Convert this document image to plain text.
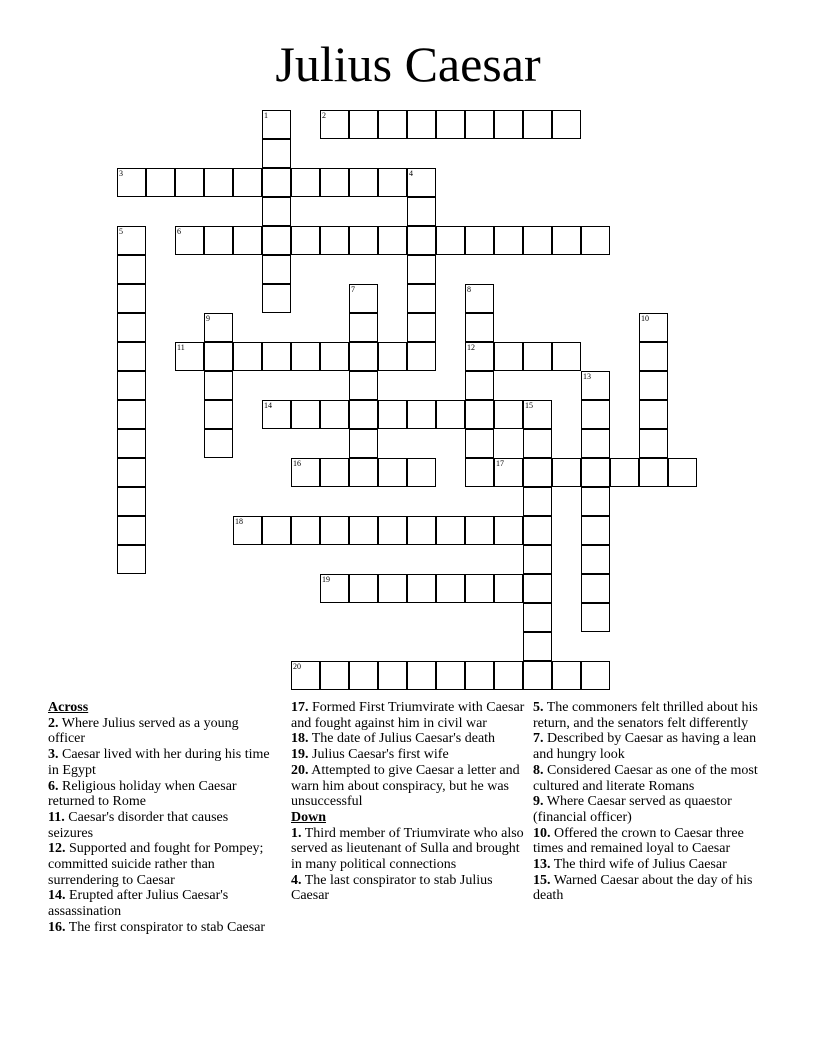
Julius Caesar
2
3
6
11	12
14	15
16	17
18
19
20
1
4
5
7	8
9	10
13
Across
2. Where Julius served as a young officer
3. Caesar lived with her during his time in Egypt
6. Religious holiday when Caesar returned to Rome
11. Caesar's disorder that causes seizures
12. Supported and fought for Pompey; committed suicide rather than surrendering to Caesar
14. Erupted after Julius Caesar's assassination
16. The first conspirator to stab Caesar
17. Formed First Triumvirate with Caesar and fought against him in civil war
18. The date of Julius Caesar's death
19. Julius Caesar's first wife
20. Attempted to give Caesar a letter and warn him about conspiracy, but he was unsuccessful
Down
1. Third member of Triumvirate who also served as lieutenant of Sulla and brought in many political connections
4. The last conspirator to stab Julius Caesar
5. The commoners felt thrilled about his return, and the senators felt differently
7. Described by Caesar as having a lean and hungry look
8. Considered Caesar as one of the most cultured and literate Romans
9. Where Caesar served as quaestor (financial officer)
10. Offered the crown to Caesar three times and remained loyal to Caesar
13. The third wife of Julius Caesar
15. Warned Caesar about the day of his death
